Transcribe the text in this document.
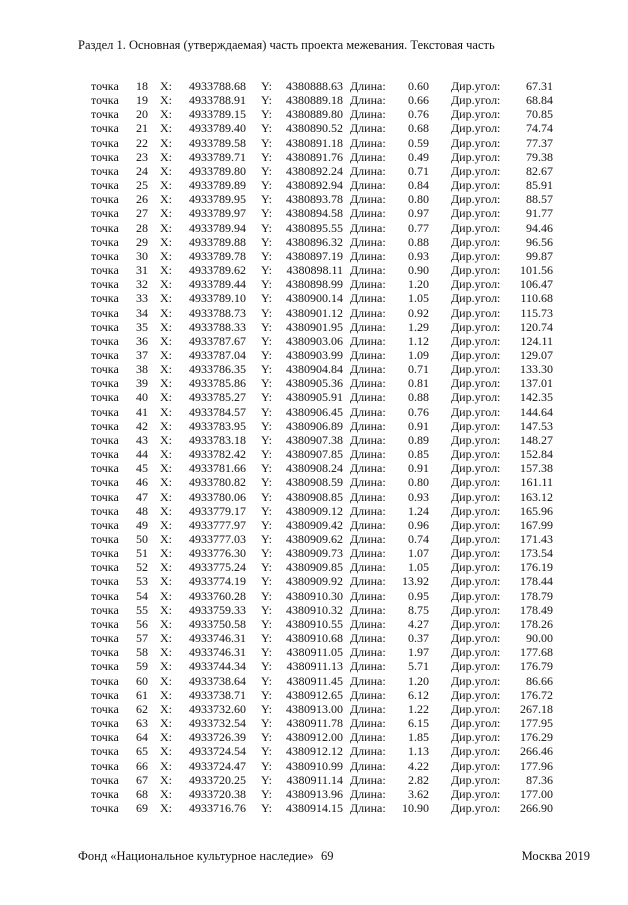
Раздел 1. Основная (утверждаемая) часть проекта межевания. Текстовая часть
точка	18 X: 4933788.68 Y: 4380888.63 Длина:	0.60 Дир.угол:	67.31
точка	19 X: 4933788.91 Y: 4380889.18 Длина:	0.66 Дир.угол:	68.84
точка	20 X: 4933789.15 Y: 4380889.80 Длина:	0.76 Дир.угол:	70.85
точка	21 X: 4933789.40 Y: 4380890.52 Длина:	0.68 Дир.угол:	74.74
точка	22 X: 4933789.58 Y: 4380891.18 Длина:	0.59 Дир.угол:	77.37
точка	23 X: 4933789.71 Y: 4380891.76 Длина:	0.49 Дир.угол:	79.38
точка	24 X: 4933789.80 Y: 4380892.24 Длина:	0.71 Дир.угол:	82.67
точка	25 X: 4933789.89 Y: 4380892.94 Длина:	0.84 Дир.угол:	85.91
точка	26 X: 4933789.95 Y: 4380893.78 Длина:	0.80 Дир.угол:	88.57
точка	27 X: 4933789.97 Y: 4380894.58 Длина:	0.97 Дир.угол:	91.77
точка	28 X: 4933789.94 Y: 4380895.55 Длина:	0.77 Дир.угол:	94.46
точка	29 X: 4933789.88 Y: 4380896.32 Длина:	0.88 Дир.угол:	96.56
точка	30 X: 4933789.78 Y: 4380897.19 Длина:	0.93 Дир.угол:	99.87
точка	31 X: 4933789.62 Y: 4380898.11 Длина:	0.90 Дир.угол:	101.56
точка	32 X: 4933789.44 Y: 4380898.99 Длина:	1.20 Дир.угол:	106.47
точка	33 X: 4933789.10 Y: 4380900.14 Длина:	1.05 Дир.угол:	110.68
точка	34 X: 4933788.73 Y: 4380901.12 Длина:	0.92 Дир.угол:	115.73
точка	35 X: 4933788.33 Y: 4380901.95 Длина:	1.29 Дир.угол:	120.74
точка	36 X: 4933787.67 Y: 4380903.06 Длина:	1.12 Дир.угол:	124.11
точка	37 X: 4933787.04 Y: 4380903.99 Длина:	1.09 Дир.угол:	129.07
точка	38 X: 4933786.35 Y: 4380904.84 Длина:	0.71 Дир.угол:	133.30
точка	39 X: 4933785.86 Y: 4380905.36 Длина:	0.81 Дир.угол:	137.01
точка	40 X: 4933785.27 Y: 4380905.91 Длина:	0.88 Дир.угол:	142.35
точка	41 X: 4933784.57 Y: 4380906.45 Длина:	0.76 Дир.угол:	144.64
точка	42 X: 4933783.95 Y: 4380906.89 Длина:	0.91 Дир.угол:	147.53
точка	43 X: 4933783.18 Y: 4380907.38 Длина:	0.89 Дир.угол:	148.27
точка	44 X: 4933782.42 Y: 4380907.85 Длина:	0.85 Дир.угол:	152.84
точка	45 X: 4933781.66 Y: 4380908.24 Длина:	0.91 Дир.угол:	157.38
точка	46 X: 4933780.82 Y: 4380908.59 Длина:	0.80 Дир.угол:	161.11
точка	47 X: 4933780.06 Y: 4380908.85 Длина:	0.93 Дир.угол:	163.12
точка	48 X: 4933779.17 Y: 4380909.12 Длина:	1.24 Дир.угол:	165.96
точка	49 X: 4933777.97 Y: 4380909.42 Длина:	0.96 Дир.угол:	167.99
точка	50 X: 4933777.03 Y: 4380909.62 Длина:	0.74 Дир.угол:	171.43
точка	51 X: 4933776.30 Y: 4380909.73 Длина:	1.07 Дир.угол:	173.54
точка	52 X: 4933775.24 Y: 4380909.85 Длина:	1.05 Дир.угол:	176.19
точка	53 X: 4933774.19 Y: 4380909.92 Длина:	13.92 Дир.угол:	178.44
точка	54 X: 4933760.28 Y: 4380910.30 Длина:	0.95 Дир.угол:	178.79
точка	55 X: 4933759.33 Y: 4380910.32 Длина:	8.75 Дир.угол:	178.49
точка	56 X: 4933750.58 Y: 4380910.55 Длина:	4.27 Дир.угол:	178.26
точка	57 X: 4933746.31 Y: 4380910.68 Длина:	0.37 Дир.угол:	90.00
точка	58 X: 4933746.31 Y: 4380911.05 Длина:	1.97 Дир.угол:	177.68
точка	59 X: 4933744.34 Y: 4380911.13 Длина:	5.71 Дир.угол:	176.79
точка	60 X: 4933738.64 Y: 4380911.45 Длина:	1.20 Дир.угол:	86.66
точка	61 X: 4933738.71 Y: 4380912.65 Длина:	6.12 Дир.угол:	176.72
точка	62 X: 4933732.60 Y: 4380913.00 Длина:	1.22 Дир.угол:	267.18
точка	63 X: 4933732.54 Y: 4380911.78 Длина:	6.15 Дир.угол:	177.95
точка	64 X: 4933726.39 Y: 4380912.00 Длина:	1.85 Дир.угол:	176.29
точка	65 X: 4933724.54 Y: 4380912.12 Длина:	1.13 Дир.угол:	266.46
точка	66 X: 4933724.47 Y: 4380910.99 Длина:	4.22 Дир.угол:	177.96
точка	67 X: 4933720.25 Y: 4380911.14 Длина:	2.82 Дир.угол:	87.36
точка	68 X: 4933720.38 Y: 4380913.96 Длина:	3.62 Дир.угол:	177.00
точка	69 X: 4933716.76 Y: 4380914.15 Длина:	10.90 Дир.угол:	266.90
Фонд «Национальное культурное наследие» 69	Москва 2019
